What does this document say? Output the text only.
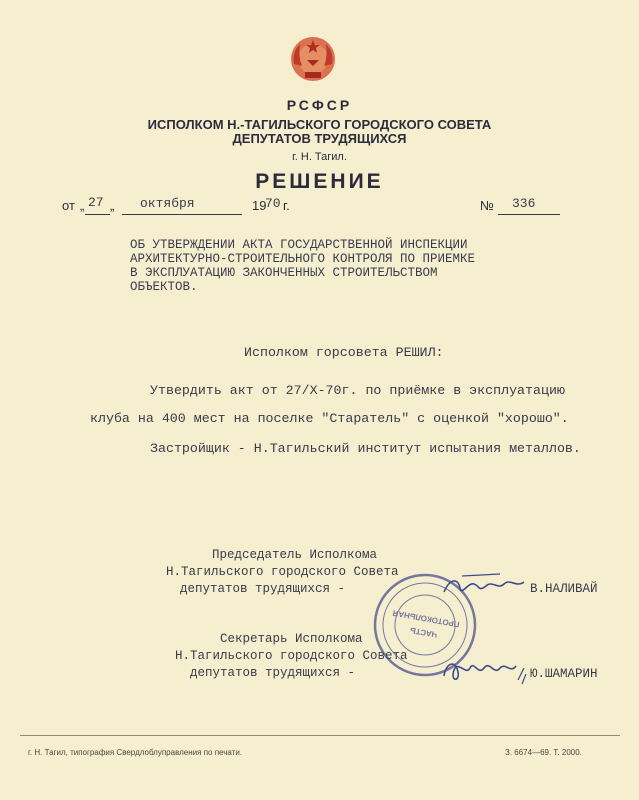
РСФСР
ИСПОЛКОМ Н.-ТАГИЛЬСКОГО ГОРОДСКОГО СОВЕТА
ДЕПУТАТОВ ТРУДЯЩИХСЯ
г. Н. Тагил.
РЕШЕНИЕ
от „ 27 „ октября	19
70 г.	№ 336
ОБ УТВЕРЖДЕНИИ АКТА ГОСУДАРСТВЕННОЙ ИНСПЕКЦИИ
АРХИТЕКТУРНО-СТРОИТЕЛЬНОГО КОНТРОЛЯ ПО ПРИЕМКЕ
В ЭКСПЛУАТАЦИЮ ЗАКОНЧЕННЫХ СТРОИТЕЛЬСТВОМ
ОБЪЕКТОВ.
Исполком горсовета РЕШИЛ:
Утвердить акт от 27/Х-70г. по приёмке в эксплуатацию
клуба на 400 мест на поселке "Старатель" с оценкой "хорошо".
Застройщик - Н.Тагильский институт испытания металлов.
Председатель Исполкома
Н.Тагильского городского Совета
депутатов трудящихся -	В.НАЛИВАЙ
Секретарь Исполкома
Н.Тагильского городского Совета
депутатов трудящихся -	Ю.ШАМАРИН
ЧАСТЬ
ПРОТОКОЛЬНАЯ
г. Н. Тагил, типография Свердлоблуправления по печати.	З. 6674—69. Т. 2000.
